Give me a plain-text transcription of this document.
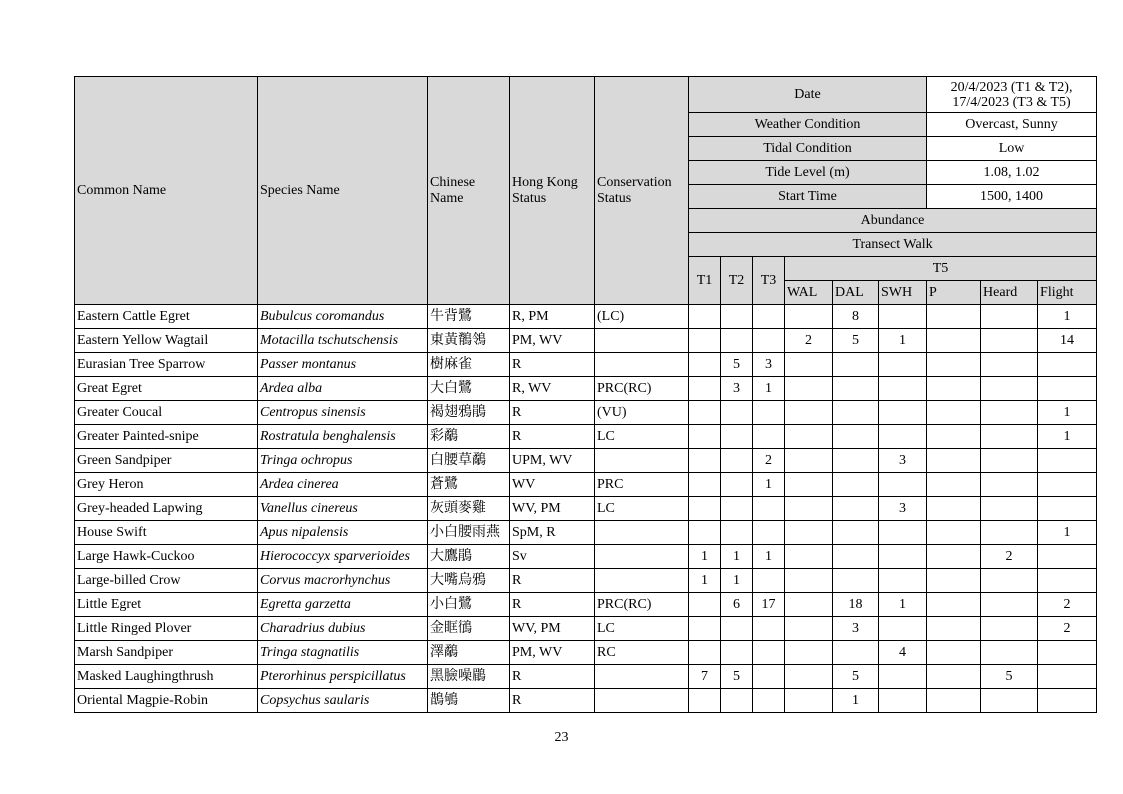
Common Name	Species Name	Chinese Name	Hong Kong Status	Conservation Status	Date						20/4/2023 (T1 & T2), 17/4/2023 (T3 & T5)		
					Weather Condition						Overcast, Sunny		
					Tidal Condition						Low		
					Tide Level (m)						1.08, 1.02		
					Start Time						1500, 1400		
					Abundance								
					Transect Walk								
					T1	T2	T3	T5					
								WAL	DAL	SWH	P	Heard	Flight

Eastern Cattle Egret	Bubulcus coromandus	牛背鷺	R, PM	(LC)					8				1
Eastern Yellow Wagtail	Motacilla tschutschensis	東黃鶺鴒	PM, WV					2	5	1			14
Eurasian Tree Sparrow	Passer montanus	樹麻雀	R			5	3						
Great Egret	Ardea alba	大白鷺	R, WV	PRC(RC)		3	1						
Greater Coucal	Centropus sinensis	褐翅鴉鵑	R	(VU)									1
Greater Painted-snipe	Rostratula benghalensis	彩鷸	R	LC									1
Green Sandpiper	Tringa ochropus	白腰草鷸	UPM, WV				2			3			
Grey Heron	Ardea cinerea	蒼鷺	WV	PRC			1						
Grey-headed Lapwing	Vanellus cinereus	灰頭麥雞	WV, PM	LC						3			
House Swift	Apus nipalensis	小白腰雨燕	SpM, R										1
Large Hawk-Cuckoo	Hierococcyx sparverioides	大鷹鵑	Sv		1	1	1					2	
Large-billed Crow	Corvus macrorhynchus	大嘴烏鴉	R		1	1							
Little Egret	Egretta garzetta	小白鷺	R	PRC(RC)		6	17		18	1			2
Little Ringed Plover	Charadrius dubius	金眶鴴	WV, PM	LC					3				2
Marsh Sandpiper	Tringa stagnatilis	澤鷸	PM, WV	RC						4			
Masked Laughingthrush	Pterorhinus perspicillatus	黑臉噪鶥	R		7	5			5			5	
Oriental Magpie-Robin	Copsychus saularis	鵲鴝	R						1				
23
